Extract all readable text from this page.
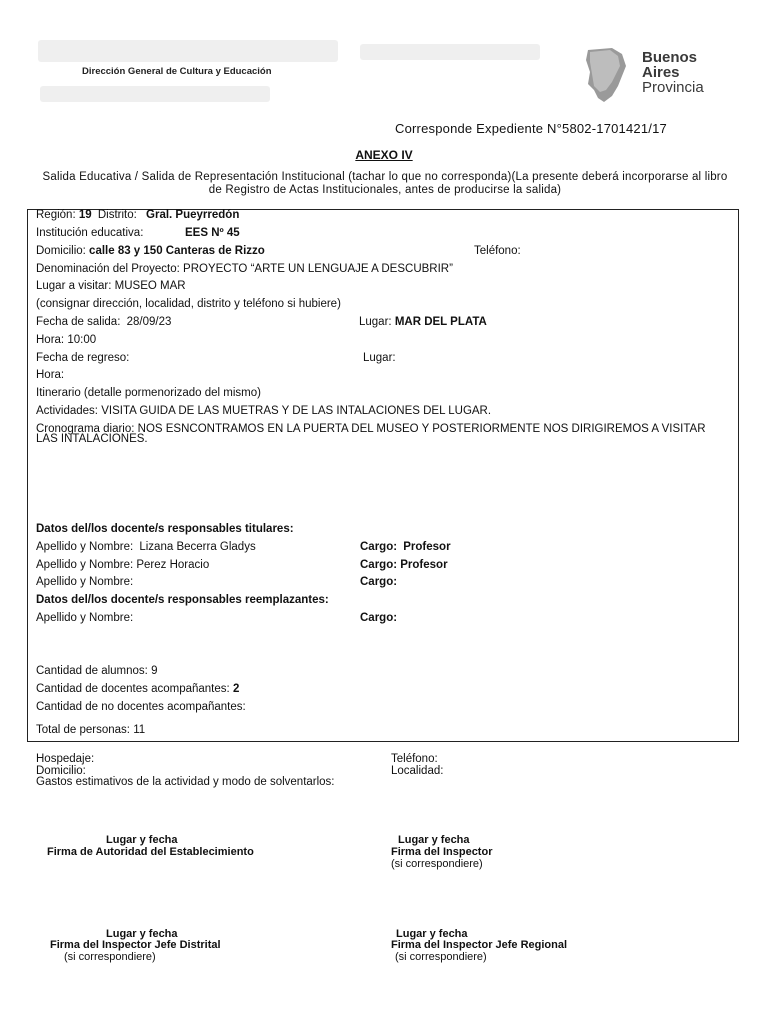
Dirección General de Cultura y Educación
Buenos
Aires
Provincia
Corresponde Expediente N°5802-1701421/17
ANEXO IV
Salida Educativa / Salida de Representación Institucional (tachar lo que no corresponda)(La presente deberá incorporarse al libro de Registro de Actas Institucionales, antes de producirse la salida)
Región: 19 Distrito: Gral. Pueyrredón
Institución educativa:	EES Nº 45
Domicilio: calle 83 y 150 Canteras de Rizzo	Teléfono:
Denominación del Proyecto: PROYECTO “ARTE UN LENGUAJE A DESCUBRIR”
Lugar a visitar: MUSEO MAR
(consignar dirección, localidad, distrito y teléfono si hubiere)
Fecha de salida: 28/09/23	Lugar: MAR DEL PLATA
Hora: 10:00
Fecha de regreso:	Lugar:
Hora:
Itinerario (detalle pormenorizado del mismo)
Actividades: VISITA GUIDA DE LAS MUETRAS Y DE LAS INTALACIONES DEL LUGAR.
Cronograma diario: NOS ESNCONTRAMOS EN LA PUERTA DEL MUSEO Y POSTERIORMENTE NOS DIRIGIREMOS A VISITAR LAS INTALACIONES.
Datos del/los docente/s responsables titulares:
Apellido y Nombre: Lizana Becerra Gladys	Cargo: Profesor
Apellido y Nombre: Perez Horacio	Cargo: Profesor
Apellido y Nombre:	Cargo:
Datos del/los docente/s responsables reemplazantes:
Apellido y Nombre:	Cargo:
Cantidad de alumnos: 9
Cantidad de docentes acompañantes: 2
Cantidad de no docentes acompañantes:
Total de personas: 11
Hospedaje:	Teléfono:
Domicilio:	Localidad:
Gastos estimativos de la actividad y modo de solventarlos:
Lugar y fecha
Firma de Autoridad del Establecimiento
Lugar y fecha
Firma del Inspector
(si correspondiere)
Lugar y fecha
Firma del Inspector Jefe Distrital
(si correspondiere)
Lugar y fecha
Firma del Inspector Jefe Regional
(si correspondiere)
